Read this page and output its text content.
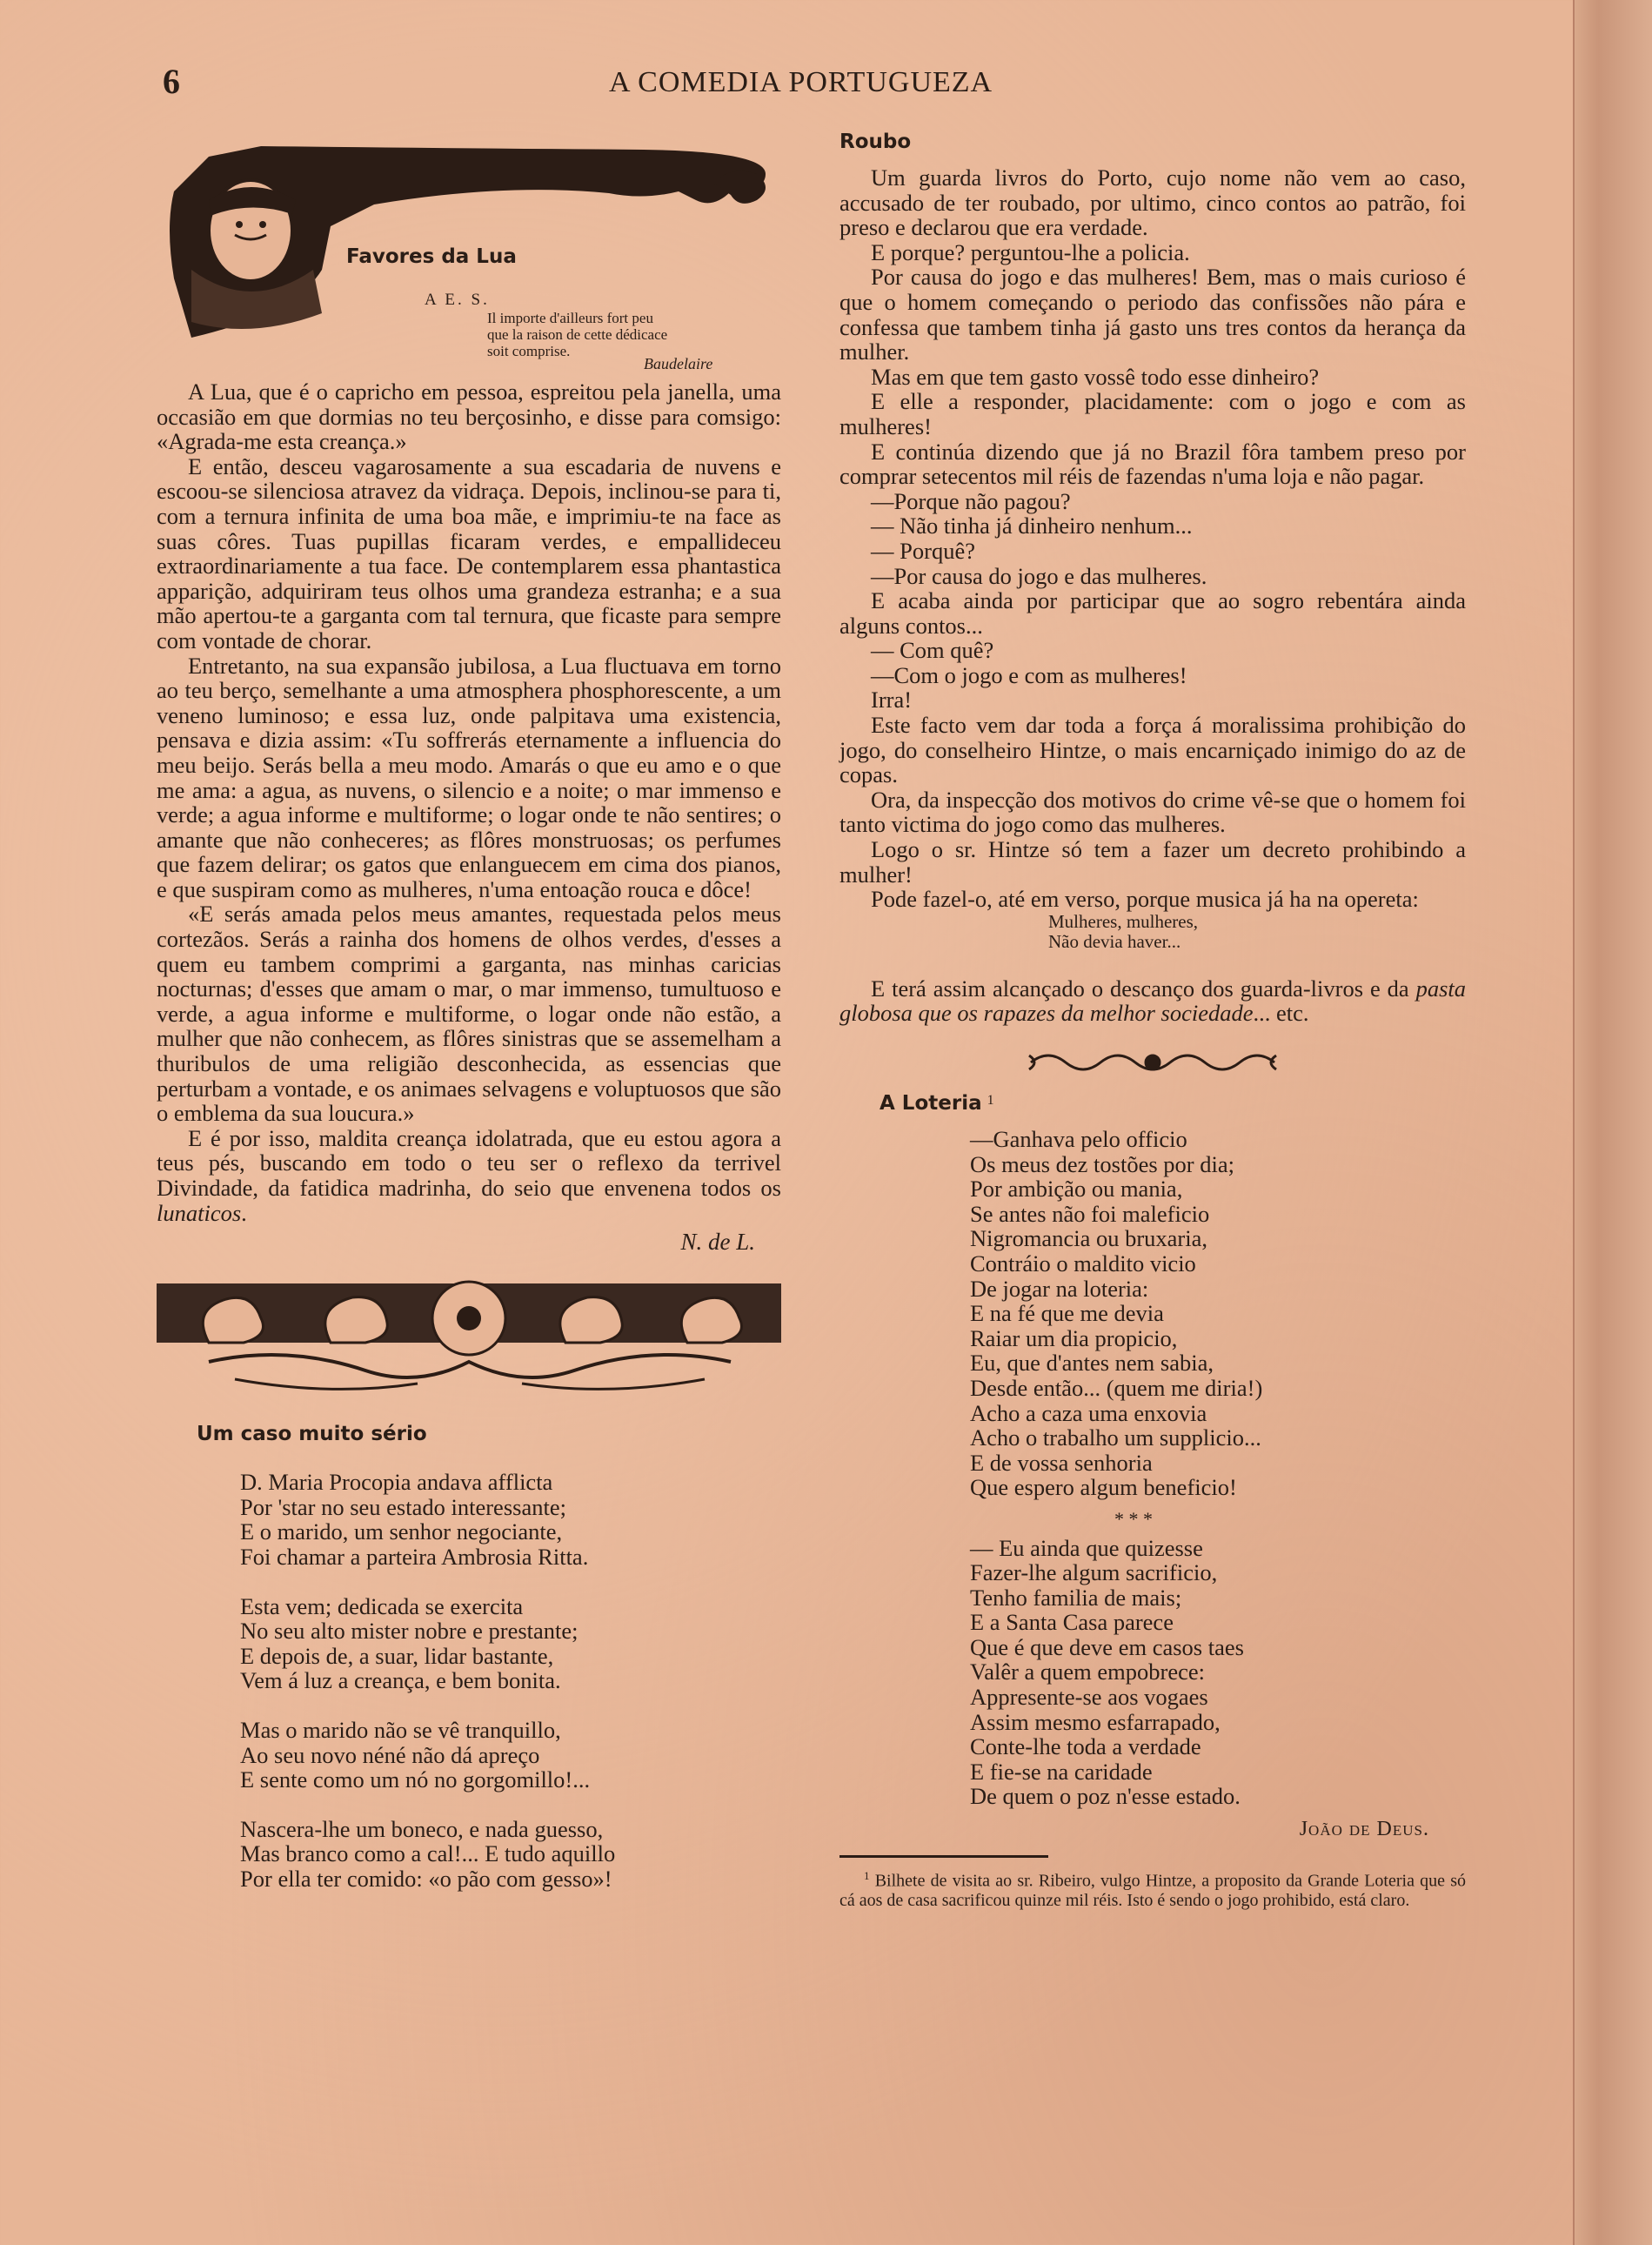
6	A COMEDIA PORTUGUEZA
Favores da Lua
A E. S.
Il importe d'ailleurs fort peu
que la raison de cette dédicace
soit comprise.
Baudelaire

A Lua, que é o capricho em pessoa, espreitou pela janella, uma occasião em que dormias no teu berçosinho, e disse para comsigo: «Agrada-me esta creança.»

E então, desceu vagarosamente a sua escadaria de nuvens e escoou-se silenciosa atravez da vidraça. Depois, inclinou-se para ti, com a ternura infinita de uma boa mãe, e imprimiu-te na face as suas côres. Tuas pupillas ficaram verdes, e empallideceu extraordinariamente a tua face. De contemplarem essa phantastica apparição, adquiriram teus olhos uma grandeza estranha; e a sua mão apertou-te a garganta com tal ternura, que ficaste para sempre com vontade de chorar.

Entretanto, na sua expansão jubilosa, a Lua fluctuava em torno ao teu berço, semelhante a uma atmosphera phosphorescente, a um veneno luminoso; e essa luz, onde palpitava uma existencia, pensava e dizia assim: «Tu soffrerás eternamente a influencia do meu beijo. Serás bella a meu modo. Amarás o que eu amo e o que me ama: a agua, as nuvens, o silencio e a noite; o mar immenso e verde; a agua informe e multiforme; o logar onde te não sentires; o amante que não conheceres; as flôres monstruosas; os perfumes que fazem delirar; os gatos que enlanguecem em cima dos pianos, e que suspiram como as mulheres, n'uma entoação rouca e dôce!

«E serás amada pelos meus amantes, requestada pelos meus cortezãos. Serás a rainha dos homens de olhos verdes, d'esses a quem eu tambem comprimi a garganta, nas minhas caricias nocturnas; d'esses que amam o mar, o mar immenso, tumultuoso e verde, a agua informe e multiforme, o logar onde não estão, a mulher que não conhecem, as flôres sinistras que se assemelham a thuribulos de uma religião desconhecida, as essencias que perturbam a vontade, e os animaes selvagens e voluptuosos que são o emblema da sua loucura.»

E é por isso, maldita creança idolatrada, que eu estou agora a teus pés, buscando em todo o teu ser o reflexo da terrivel Divindade, da fatidica madrinha, do seio que envenena todos os lunaticos.

N. de L.
Um caso muito sério
D. Maria Procopia andava afflicta
Por 'star no seu estado interessante;
E o marido, um senhor negociante,
Foi chamar a parteira Ambrosia Ritta.
Esta vem; dedicada se exercita
No seu alto mister nobre e prestante;
E depois de, a suar, lidar bastante,
Vem á luz a creança, e bem bonita.
Mas o marido não se vê tranquillo,
Ao seu novo néné não dá apreço
E sente como um nó no gorgomillo!...
Nascera-lhe um boneco, e nada guesso,
Mas branco como a cal!... E tudo aquillo
Por ella ter comido: «o pão com gesso»!
Roubo

Um guarda livros do Porto, cujo nome não vem ao caso, accusado de ter roubado, por ultimo, cinco contos ao patrão, foi preso e declarou que era verdade.

E porque? perguntou-lhe a policia.

Por causa do jogo e das mulheres! Bem, mas o mais curioso é que o homem começando o periodo das confissões não pára e confessa que tambem tinha já gasto uns tres contos da herança da mulher.

Mas em que tem gasto vossê todo esse dinheiro?

E elle a responder, placidamente: com o jogo e com as mulheres!

E continúa dizendo que já no Brazil fôra tambem preso por comprar setecentos mil réis de fazendas n'uma loja e não pagar.

—Porque não pagou?

— Não tinha já dinheiro nenhum...

— Porquê?

—Por causa do jogo e das mulheres.

E acaba ainda por participar que ao sogro rebentára ainda alguns contos...

— Com quê?

—Com o jogo e com as mulheres!

Irra!

Este facto vem dar toda a força á moralissima prohibição do jogo, do conselheiro Hintze, o mais encarniçado inimigo do az de copas.

Ora, da inspecção dos motivos do crime vê-se que o homem foi tanto victima do jogo como das mulheres.

Logo o sr. Hintze só tem a fazer um decreto prohibindo a mulher!

Pode fazel-o, até em verso, porque musica já ha na opereta:

Mulheres, mulheres,
Não devia haver...

E terá assim alcançado o descanço dos guarda-livros e da pasta globosa que os rapazes da melhor sociedade... etc.

A Loteria $^1$
—Ganhava pelo officio
Os meus dez tostões por dia;
Por ambição ou mania,
Se antes não foi maleficio
Nigromancia ou bruxaria,
Contráio o maldito vicio
De jogar na loteria:
E na fé que me devia
Raiar um dia propicio,
Eu, que d'antes nem sabia,
Desde então... (quem me diria!)
Acho a caza uma enxovia
Acho o trabalho um supplicio...
E de vossa senhoria
Que espero algum beneficio!
* * *
— Eu ainda que quizesse
Fazer-lhe algum sacrificio,
Tenho familia de mais;
E a Santa Casa parece
Que é que deve em casos taes
Valêr a quem empobrece:
Appresente-se aos vogaes
Assim mesmo esfarrapado,
Conte-lhe toda a verdade
E fie-se na caridade
De quem o poz n'esse estado.
João de Deus.
$^1$ Bilhete de visita ao sr. Ribeiro, vulgo Hintze, a proposito da Grande Loteria que só cá aos de casa sacrificou quinze mil réis. Isto é sendo o jogo prohibido, está claro.
